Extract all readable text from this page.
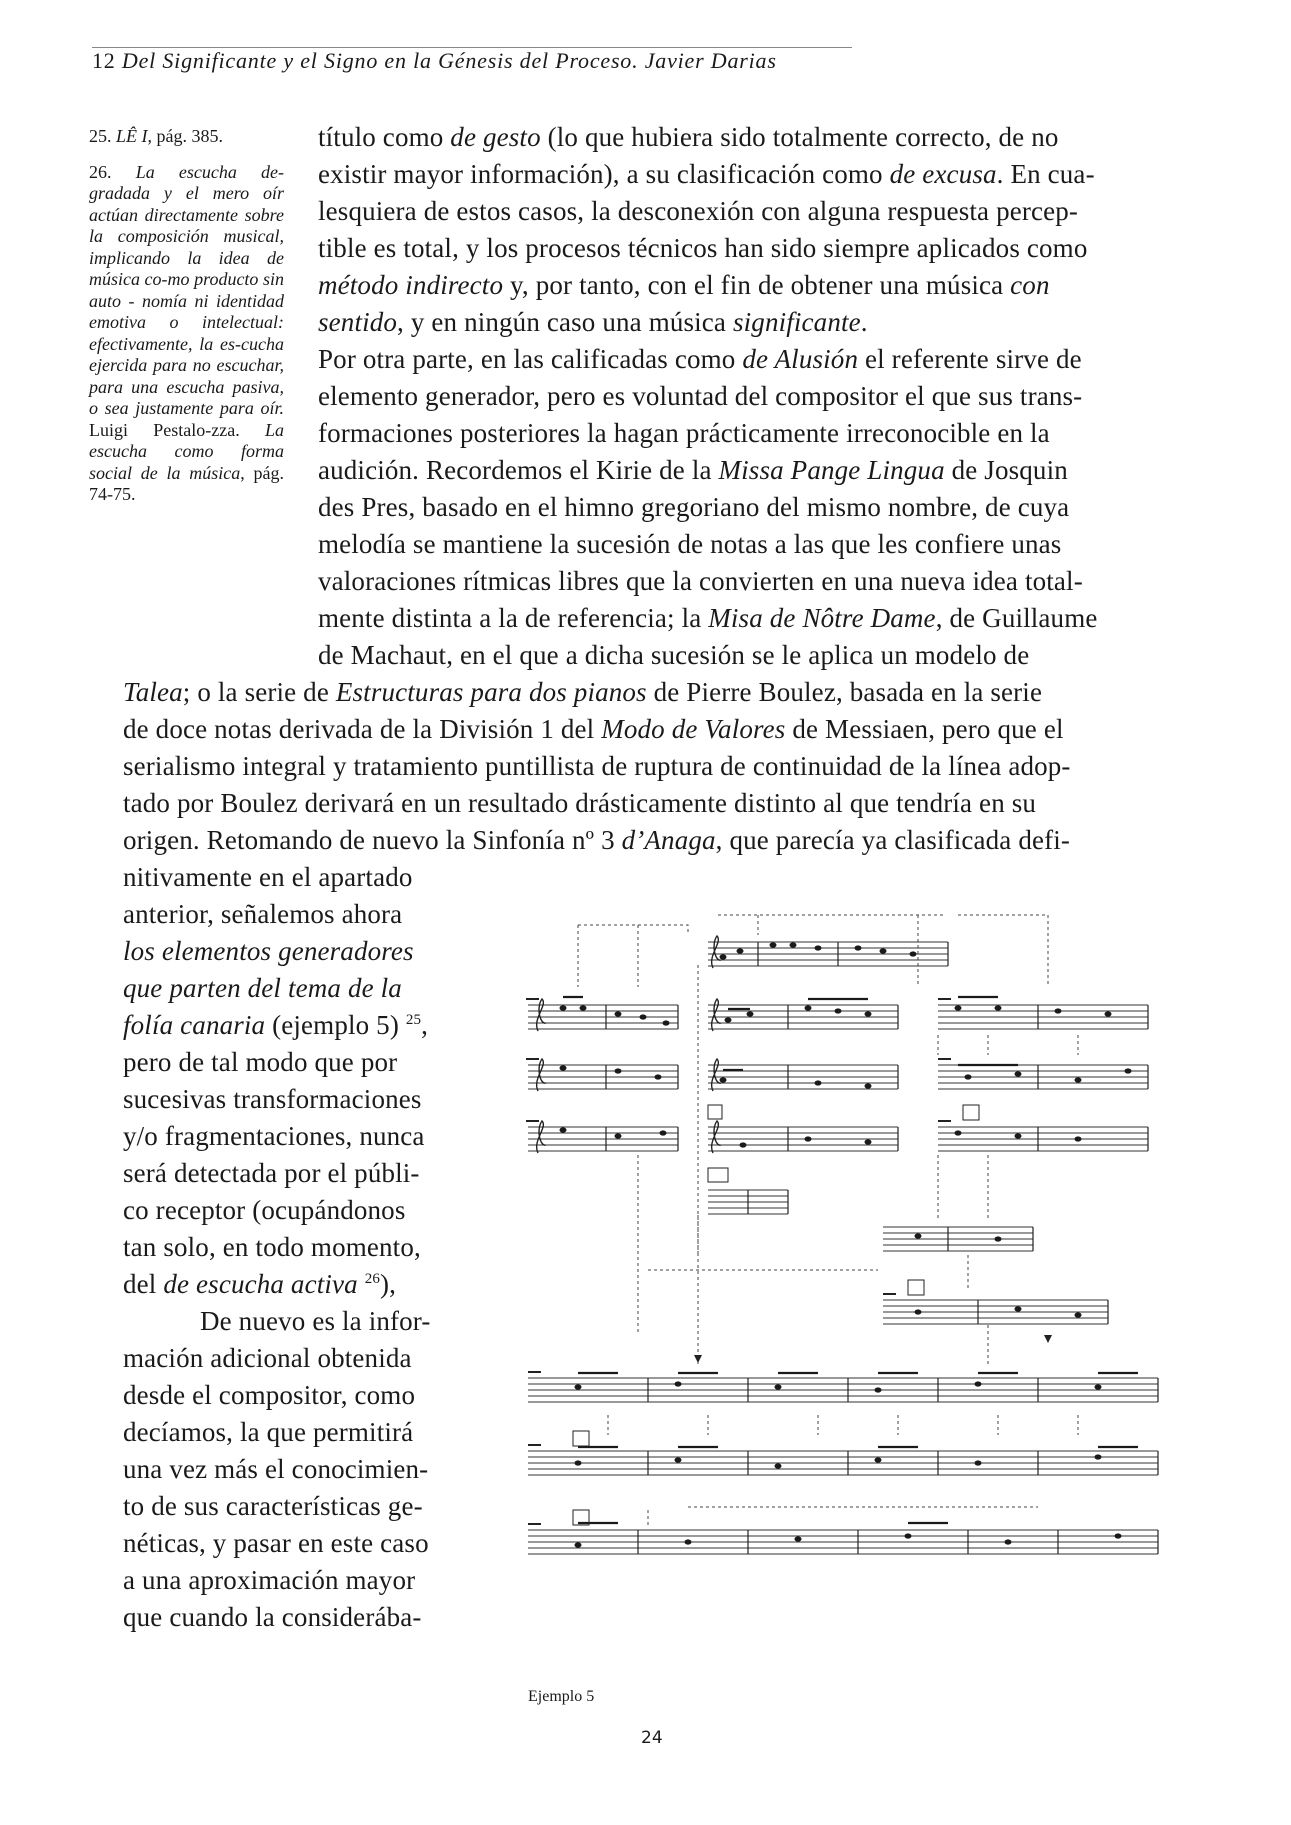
12 Del Significante y el Signo en la Génesis del Proceso. Javier Darias

25. LÊ I, pág. 385.

26. La escucha de-gradada y el mero oír actúan directamente sobre la composición musical, implicando la idea de música co-mo producto sin auto - nomía ni identidad emotiva o intelectual: efectivamente, la es-cucha ejercida para no escuchar, para una escucha pasiva, o sea justamente para oír. Luigi Pestalo-zza. La escucha como forma social de la música, pág. 74-75.

título como de gesto (lo que hubiera sido totalmente correcto, de no
existir mayor información), a su clasificación como de excusa. En cua-
lesquiera de estos casos, la desconexión con alguna respuesta percep-
tible es total, y los procesos técnicos han sido siempre aplicados como
método indirecto y, por tanto, con el fin de obtener una música con
sentido, y en ningún caso una música significante.
Por otra parte, en las calificadas como de Alusión el referente sirve de
elemento generador, pero es voluntad del compositor el que sus trans-
formaciones posteriores la hagan prácticamente irreconocible en la
audición. Recordemos el Kirie de la Missa Pange Lingua de Josquin
des Pres, basado en el himno gregoriano del mismo nombre, de cuya
melodía se mantiene la sucesión de notas a las que les confiere unas
valoraciones rítmicas libres que la convierten en una nueva idea total-
mente distinta a la de referencia; la Misa de Nôtre Dame, de Guillaume
de Machaut, en el que a dicha sucesión se le aplica un modelo de
Talea; o la serie de Estructuras para dos pianos de Pierre Boulez, basada en la serie
de doce notas derivada de la División 1 del Modo de Valores de Messiaen, pero que el
serialismo integral y tratamiento puntillista de ruptura de continuidad de la línea adop-
tado por Boulez derivará en un resultado drásticamente distinto al que tendría en su
origen. Retomando de nuevo la Sinfonía nº 3 d’Anaga, que parecía ya clasificada defi-
nitivamente en el apartado
anterior, señalemos ahora
los elementos generadores
que parten del tema de la
folía canaria (ejemplo 5) $^{25}$,
pero de tal modo que por
sucesivas transformaciones
y/o fragmentaciones, nunca
será detectada por el públi-
co receptor (ocupándonos
tan solo, en todo momento,
del de escucha activa $^{26}$),
De nuevo es la infor-
mación adicional obtenida
desde el compositor, como
decíamos, la que permitirá
una vez más el conocimien-
to de sus características ge-
néticas, y pasar en este caso
a una aproximación mayor
que cuando la considerába-
Ejemplo 5
24
